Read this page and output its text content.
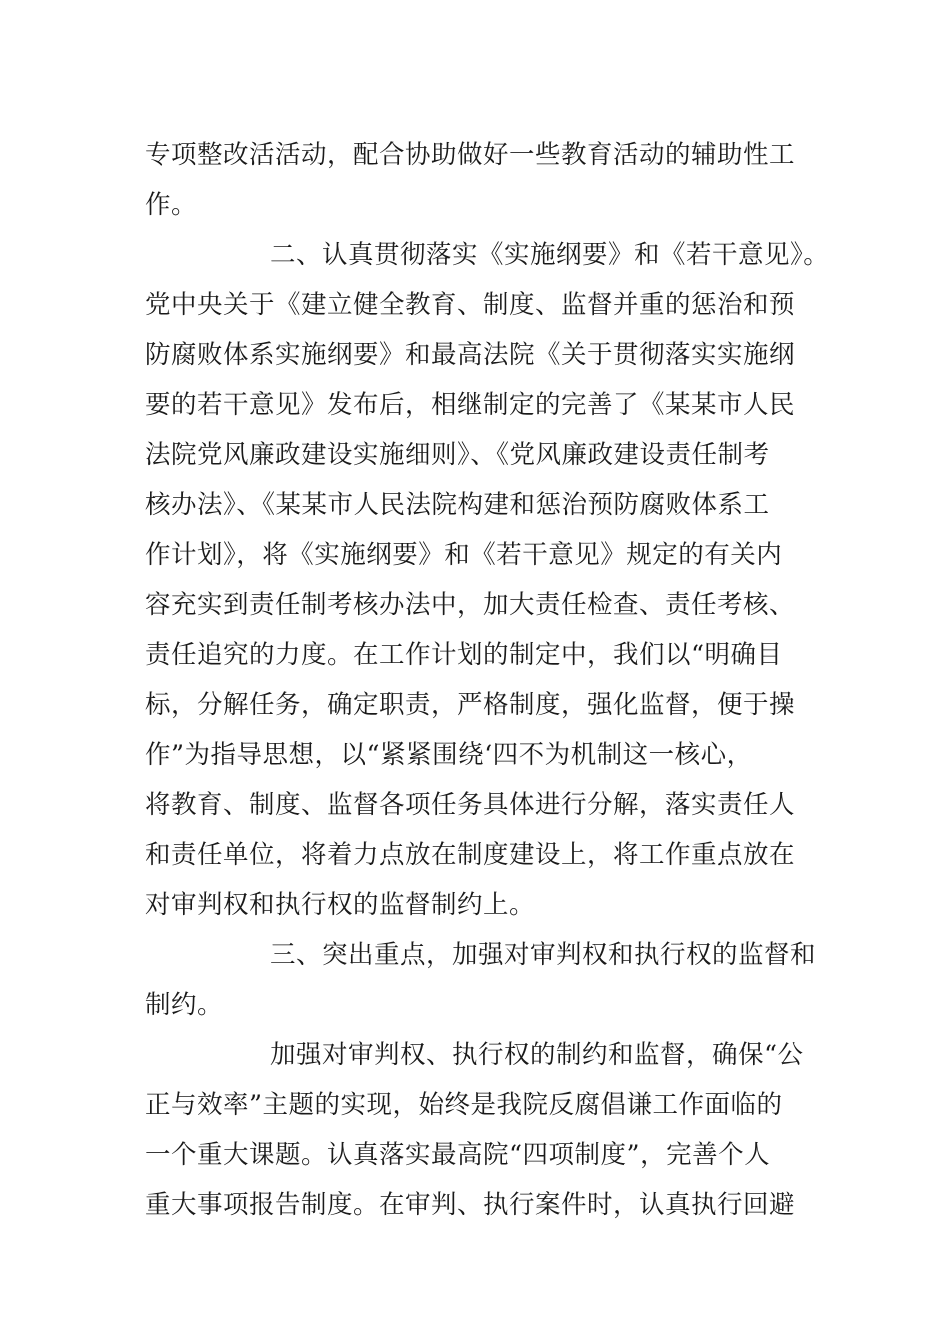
专项整改活活动，配合协助做好一些教育活动的辅助性工
作。
二、认真贯彻落实《实施纲要》和《若干意见》。
党中央关于《建立健全教育、制度、监督并重的惩治和预
防腐败体系实施纲要》和最高法院《关于贯彻落实实施纲
要的若干意见》发布后，相继制定的完善了《某某市人民
法院党风廉政建设实施细则》、《党风廉政建设责任制考
核办法》、《某某市人民法院构建和惩治预防腐败体系工
作计划》，将《实施纲要》和《若干意见》规定的有关内
容充实到责任制考核办法中，加大责任检查、责任考核、
责任追究的力度。在工作计划的制定中，我们以“明确目
标，分解任务，确定职责，严格制度，强化监督，便于操
作”为指导思想，以“紧紧围绕‘四不为机制这一核心，
将教育、制度、监督各项任务具体进行分解，落实责任人
和责任单位，将着力点放在制度建设上，将工作重点放在
对审判权和执行权的监督制约上。
三、突出重点，加强对审判权和执行权的监督和
制约。
加强对审判权、执行权的制约和监督，确保“公
正与效率”主题的实现，始终是我院反腐倡谦工作面临的
一个重大课题。认真落实最高院“四项制度”，完善个人
重大事项报告制度。在审判、执行案件时，认真执行回避
